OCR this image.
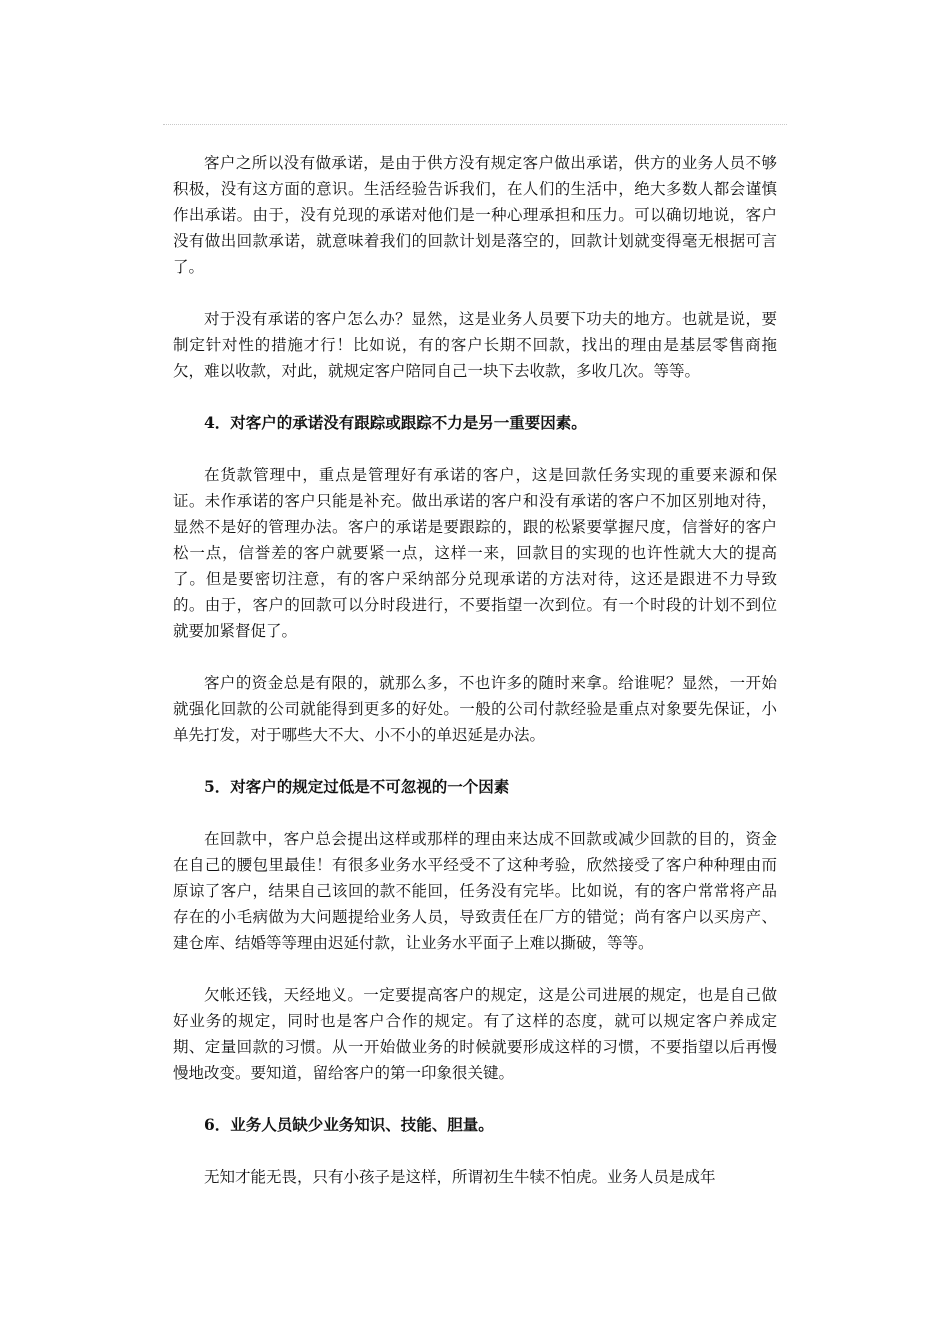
客户之所以没有做承诺，是由于供方没有规定客户做出承诺，供方的业务人员不够积极，没有这方面的意识。生活经验告诉我们，在人们的生活中，绝大多数人都会谨慎作出承诺。由于，没有兑现的承诺对他们是一种心理承担和压力。可以确切地说，客户没有做出回款承诺，就意味着我们的回款计划是落空的，回款计划就变得毫无根据可言了。

对于没有承诺的客户怎么办？显然，这是业务人员要下功夫的地方。也就是说，要制定针对性的措施才行！比如说，有的客户长期不回款，找出的理由是基层零售商拖欠，难以收款，对此，就规定客户陪同自己一块下去收款，多收几次。等等。

4．对客户的承诺没有跟踪或跟踪不力是另一重要因素。

在货款管理中，重点是管理好有承诺的客户，这是回款任务实现的重要来源和保证。未作承诺的客户只能是补充。做出承诺的客户和没有承诺的客户不加区别地对待，显然不是好的管理办法。客户的承诺是要跟踪的，跟的松紧要掌握尺度，信誉好的客户松一点，信誉差的客户就要紧一点，这样一来，回款目的实现的也许性就大大的提高了。但是要密切注意，有的客户采纳部分兑现承诺的方法对待，这还是跟进不力导致的。由于，客户的回款可以分时段进行，不要指望一次到位。有一个时段的计划不到位就要加紧督促了。

客户的资金总是有限的，就那么多，不也许多的随时来拿。给谁呢？显然，一开始就强化回款的公司就能得到更多的好处。一般的公司付款经验是重点对象要先保证，小单先打发，对于哪些大不大、小不小的单迟延是办法。

5．对客户的规定过低是不可忽视的一个因素

在回款中，客户总会提出这样或那样的理由来达成不回款或减少回款的目的，资金在自己的腰包里最佳！有很多业务水平经受不了这种考验，欣然接受了客户种种理由而原谅了客户，结果自己该回的款不能回，任务没有完毕。比如说，有的客户常常将产品存在的小毛病做为大问题提给业务人员，导致责任在厂方的错觉；尚有客户以买房产、建仓库、结婚等等理由迟延付款，让业务水平面子上难以撕破，等等。

欠帐还钱，天经地义。一定要提高客户的规定，这是公司进展的规定，也是自己做好业务的规定，同时也是客户合作的规定。有了这样的态度，就可以规定客户养成定期、定量回款的习惯。从一开始做业务的时候就要形成这样的习惯，不要指望以后再慢慢地改变。要知道，留给客户的第一印象很关键。

6．业务人员缺少业务知识、技能、胆量。

无知才能无畏，只有小孩子是这样，所谓初生牛犊不怕虎。业务人员是成年
